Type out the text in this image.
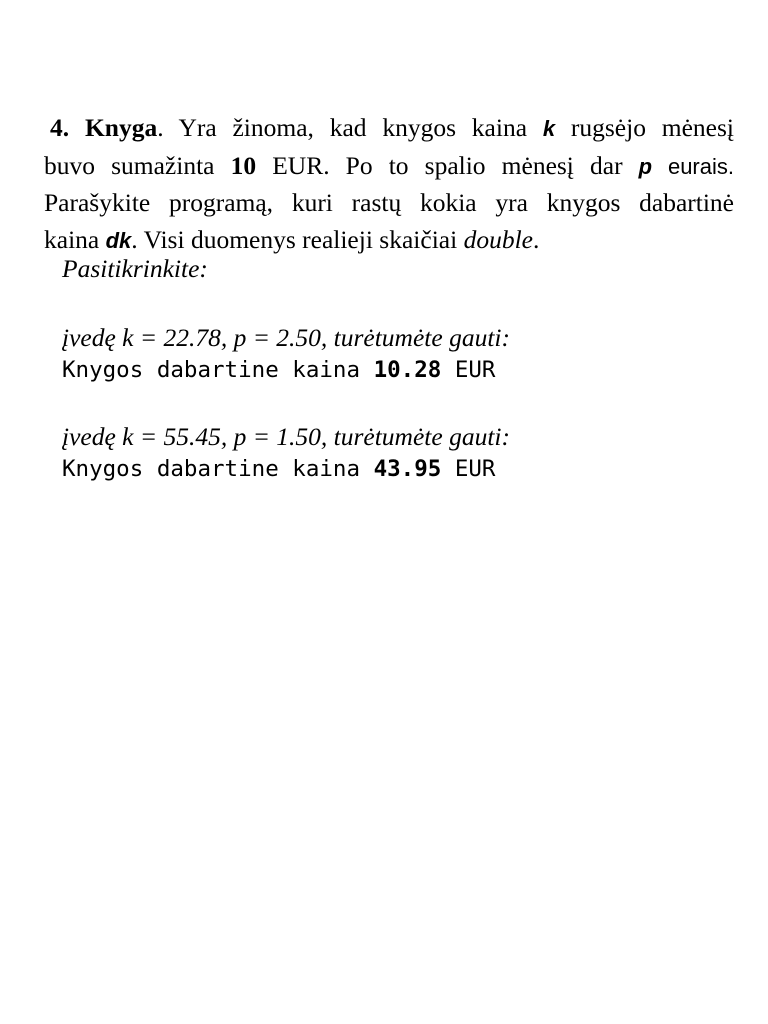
4. Knyga. Yra žinoma, kad knygos kaina k rugsėjo mėnesį
buvo sumažinta 10 EUR. Po to spalio mėnesį dar p eurais.
Parašykite programą, kuri rastų kokia yra knygos dabartinė
kaina dk. Visi duomenys realieji skaičiai double.
Pasitikrinkite:
įvedę k = 22.78, p = 2.50, turėtumėte gauti:
Knygos dabartine kaina 10.28 EUR
įvedę k = 55.45, p = 1.50, turėtumėte gauti:
Knygos dabartine kaina 43.95 EUR
